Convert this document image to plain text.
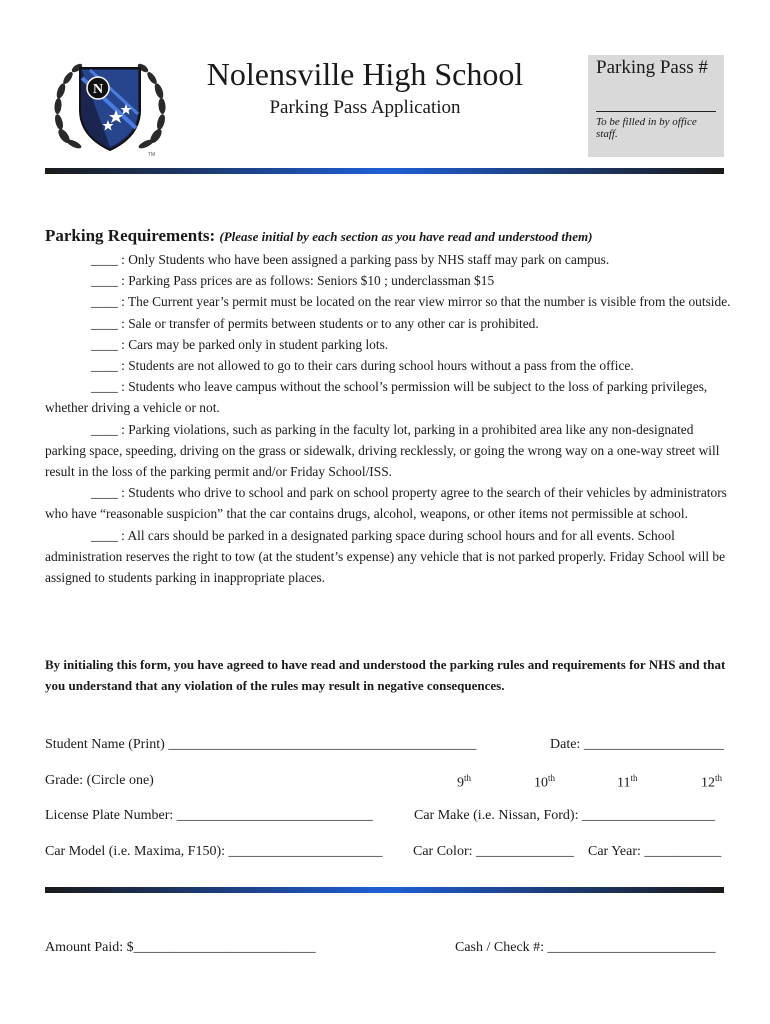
N
TM
Nolensville High School
Parking Pass Application
Parking Pass #
To be filled in by office staff.
Parking Requirements: (Please initial by each section as you have read and understood them)

____ : Only Students who have been assigned a parking pass by NHS staff may park on campus.

____ : Parking Pass prices are as follows: Seniors $10 ; underclassman $15

____ : The Current year’s permit must be located on the rear view mirror so that the number is visible from the outside.

____ : Sale or transfer of permits between students or to any other car is prohibited.

____ : Cars may be parked only in student parking lots.

____ : Students are not allowed to go to their cars during school hours without a pass from the office.

____ : Students who leave campus without the school’s permission will be subject to the loss of parking privileges, whether driving a vehicle or not.

____ : Parking violations, such as parking in the faculty lot, parking in a prohibited area like any non-designated parking space, speeding, driving on the grass or sidewalk, driving recklessly, or going the wrong way on a one-way street will result in the loss of the parking permit and/or Friday School/ISS.

____ : Students who drive to school and park on school property agree to the search of their vehicles by administrators who have “reasonable suspicion” that the car contains drugs, alcohol, weapons, or other items not permissible at school.

____ : All cars should be parked in a designated parking space during school hours and for all events. School administration reserves the right to tow (at the student’s expense) any vehicle that is not parked properly. Friday School will be assigned to students parking in inappropriate places.

By initialing this form, you have agreed to have read and understood the parking rules and requirements for NHS and that you understand that any violation of the rules may result in negative consequences.
Student Name (Print) ____________________________________________	Date: ____________________
Grade: (Circle one)	9th	10th	11th	12th
License Plate Number: ____________________________	Car Make (i.e. Nissan, Ford): ___________________
Car Model (i.e. Maxima, F150): ______________________ Car Color: ______________ Car Year: ___________
Amount Paid: $__________________________	Cash / Check #: ________________________
